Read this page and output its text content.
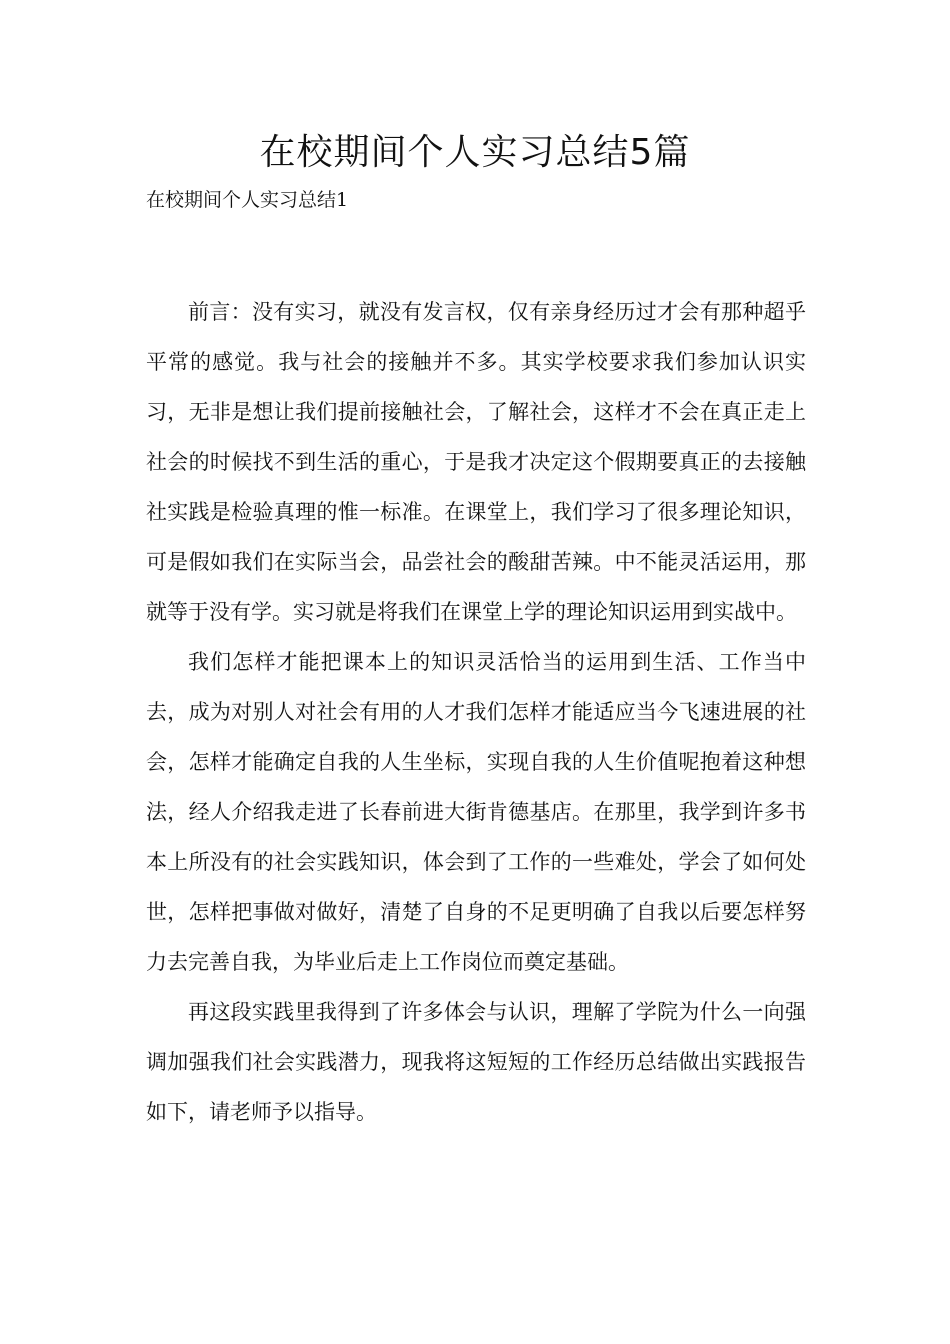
在校期间个人实习总结5篇

在校期间个人实习总结1

前言：没有实习，就没有发言权，仅有亲身经历过才会有那种超乎平常的感觉。我与社会的接触并不多。其实学校要求我们参加认识实习，无非是想让我们提前接触社会，了解社会，这样才不会在真正走上社会的时候找不到生活的重心，于是我才决定这个假期要真正的去接触社实践是检验真理的惟一标准。在课堂上，我们学习了很多理论知识，可是假如我们在实际当会，品尝社会的酸甜苦辣。中不能灵活运用，那就等于没有学。实习就是将我们在课堂上学的理论知识运用到实战中。

我们怎样才能把课本上的知识灵活恰当的运用到生活、工作当中去，成为对别人对社会有用的人才我们怎样才能适应当今飞速进展的社会，怎样才能确定自我的人生坐标，实现自我的人生价值呢抱着这种想法，经人介绍我走进了长春前进大街肯德基店。在那里，我学到许多书本上所没有的社会实践知识，体会到了工作的一些难处，学会了如何处世，怎样把事做对做好，清楚了自身的不足更明确了自我以后要怎样努力去完善自我，为毕业后走上工作岗位而奠定基础。

再这段实践里我得到了许多体会与认识，理解了学院为什么一向强调加强我们社会实践潜力，现我将这短短的工作经历总结做出实践报告如下，请老师予以指导。
